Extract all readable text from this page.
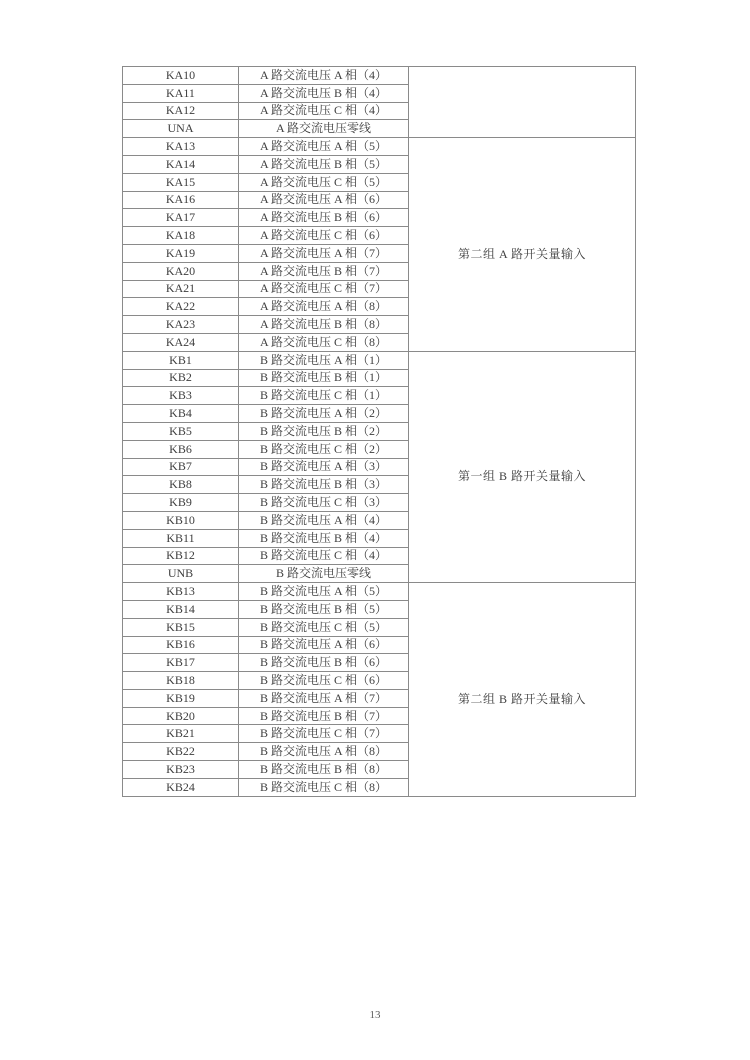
KA10	A 路交流电压 A 相（4）	
KA11	A 路交流电压 B 相（4）	
KA12	A 路交流电压 C 相（4）	
UNA	A 路交流电压零线	
KA13	A 路交流电压 A 相（5）	第二组 A 路开关量输入
KA14	A 路交流电压 B 相（5）	
KA15	A 路交流电压 C 相（5）	
KA16	A 路交流电压 A 相（6）	
KA17	A 路交流电压 B 相（6）	
KA18	A 路交流电压 C 相（6）	
KA19	A 路交流电压 A 相（7）	
KA20	A 路交流电压 B 相（7）	
KA21	A 路交流电压 C 相（7）	
KA22	A 路交流电压 A 相（8）	
KA23	A 路交流电压 B 相（8）	
KA24	A 路交流电压 C 相（8）	
KB1	B 路交流电压 A 相（1）	第一组 B 路开关量输入
KB2	B 路交流电压 B 相（1）	
KB3	B 路交流电压 C 相（1）	
KB4	B 路交流电压 A 相（2）	
KB5	B 路交流电压 B 相（2）	
KB6	B 路交流电压 C 相（2）	
KB7	B 路交流电压 A 相（3）	
KB8	B 路交流电压 B 相（3）	
KB9	B 路交流电压 C 相（3）	
KB10	B 路交流电压 A 相（4）	
KB11	B 路交流电压 B 相（4）	
KB12	B 路交流电压 C 相（4）	
UNB	B 路交流电压零线	
KB13	B 路交流电压 A 相（5）	第二组 B 路开关量输入
KB14	B 路交流电压 B 相（5）	
KB15	B 路交流电压 C 相（5）	
KB16	B 路交流电压 A 相（6）	
KB17	B 路交流电压 B 相（6）	
KB18	B 路交流电压 C 相（6）	
KB19	B 路交流电压 A 相（7）	
KB20	B 路交流电压 B 相（7）	
KB21	B 路交流电压 C 相（7）	
KB22	B 路交流电压 A 相（8）	
KB23	B 路交流电压 B 相（8）	
KB24	B 路交流电压 C 相（8）	
13
